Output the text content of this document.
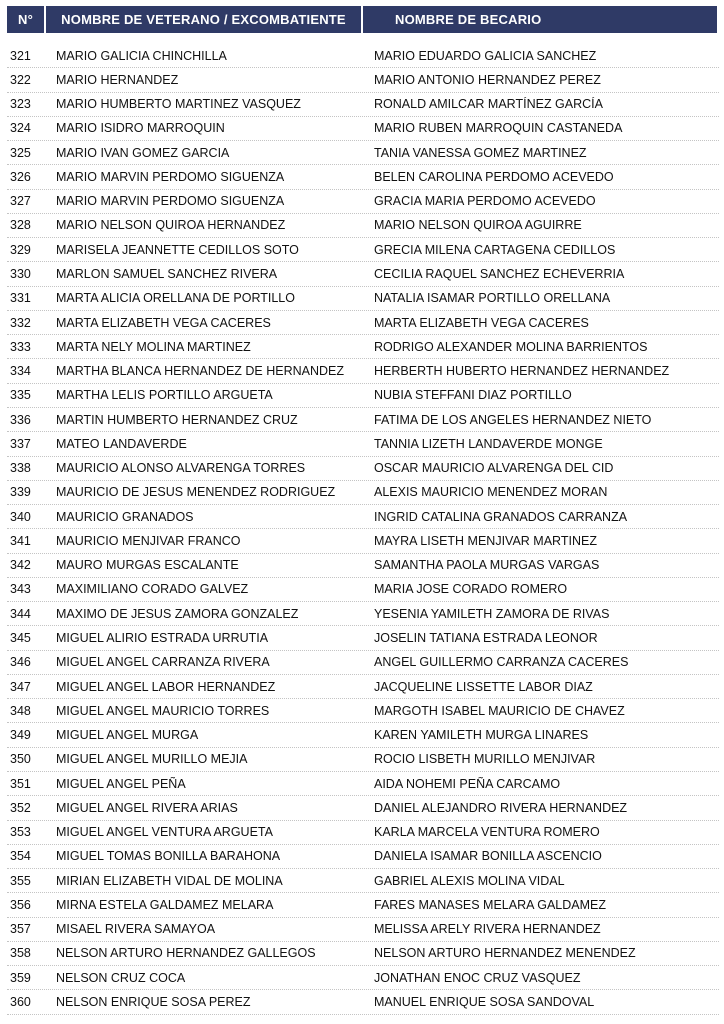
N°	NOMBRE DE VETERANO / EXCOMBATIENTE	NOMBRE DE BECARIO
321	MARIO GALICIA CHINCHILLA	MARIO EDUARDO GALICIA SANCHEZ
322	MARIO HERNANDEZ	MARIO ANTONIO HERNANDEZ PEREZ
323	MARIO HUMBERTO MARTINEZ VASQUEZ	RONALD AMILCAR MARTÍNEZ GARCÍA
324	MARIO ISIDRO MARROQUIN	MARIO RUBEN MARROQUIN CASTANEDA
325	MARIO IVAN GOMEZ GARCIA	TANIA VANESSA GOMEZ MARTINEZ
326	MARIO MARVIN PERDOMO SIGUENZA	BELEN CAROLINA PERDOMO ACEVEDO
327	MARIO MARVIN PERDOMO SIGUENZA	GRACIA MARIA PERDOMO ACEVEDO
328	MARIO NELSON QUIROA HERNANDEZ	MARIO NELSON QUIROA AGUIRRE
329	MARISELA JEANNETTE CEDILLOS SOTO	GRECIA MILENA CARTAGENA CEDILLOS
330	MARLON SAMUEL SANCHEZ RIVERA	CECILIA RAQUEL SANCHEZ ECHEVERRIA
331	MARTA ALICIA ORELLANA DE PORTILLO	NATALIA ISAMAR PORTILLO ORELLANA
332	MARTA ELIZABETH VEGA CACERES	MARTA ELIZABETH VEGA CACERES
333	MARTA NELY MOLINA MARTINEZ	RODRIGO ALEXANDER MOLINA BARRIENTOS
334	MARTHA BLANCA HERNANDEZ DE HERNANDEZ	HERBERTH HUBERTO HERNANDEZ HERNANDEZ
335	MARTHA LELIS PORTILLO ARGUETA	NUBIA STEFFANI DIAZ PORTILLO
336	MARTIN HUMBERTO HERNANDEZ CRUZ	FATIMA DE LOS ANGELES HERNANDEZ NIETO
337	MATEO LANDAVERDE	TANNIA LIZETH LANDAVERDE MONGE
338	MAURICIO ALONSO ALVARENGA TORRES	OSCAR MAURICIO ALVARENGA DEL CID
339	MAURICIO DE JESUS MENENDEZ RODRIGUEZ	ALEXIS MAURICIO MENENDEZ MORAN
340	MAURICIO GRANADOS	INGRID CATALINA GRANADOS CARRANZA
341	MAURICIO MENJIVAR FRANCO	MAYRA LISETH MENJIVAR MARTINEZ
342	MAURO MURGAS ESCALANTE	SAMANTHA PAOLA MURGAS VARGAS
343	MAXIMILIANO CORADO GALVEZ	MARIA JOSE CORADO ROMERO
344	MAXIMO DE JESUS ZAMORA GONZALEZ	YESENIA YAMILETH ZAMORA DE RIVAS
345	MIGUEL ALIRIO ESTRADA URRUTIA	JOSELIN TATIANA ESTRADA LEONOR
346	MIGUEL ANGEL CARRANZA RIVERA	ANGEL GUILLERMO CARRANZA CACERES
347	MIGUEL ANGEL LABOR HERNANDEZ	JACQUELINE LISSETTE LABOR DIAZ
348	MIGUEL ANGEL MAURICIO TORRES	MARGOTH ISABEL MAURICIO DE CHAVEZ
349	MIGUEL ANGEL MURGA	KAREN YAMILETH MURGA LINARES
350	MIGUEL ANGEL MURILLO MEJIA	ROCIO LISBETH MURILLO MENJIVAR
351	MIGUEL ANGEL PEÑA	AIDA NOHEMI PEÑA CARCAMO
352	MIGUEL ANGEL RIVERA ARIAS	DANIEL ALEJANDRO RIVERA HERNANDEZ
353	MIGUEL ANGEL VENTURA ARGUETA	KARLA MARCELA VENTURA ROMERO
354	MIGUEL TOMAS BONILLA BARAHONA	DANIELA ISAMAR BONILLA ASCENCIO
355	MIRIAN ELIZABETH VIDAL DE MOLINA	GABRIEL ALEXIS MOLINA VIDAL
356	MIRNA ESTELA GALDAMEZ MELARA	FARES MANASES MELARA GALDAMEZ
357	MISAEL RIVERA SAMAYOA	MELISSA ARELY RIVERA HERNANDEZ
358	NELSON ARTURO HERNANDEZ GALLEGOS	NELSON ARTURO HERNANDEZ MENENDEZ
359	NELSON CRUZ COCA	JONATHAN ENOC CRUZ VASQUEZ
360	NELSON ENRIQUE SOSA PEREZ	MANUEL ENRIQUE SOSA SANDOVAL
